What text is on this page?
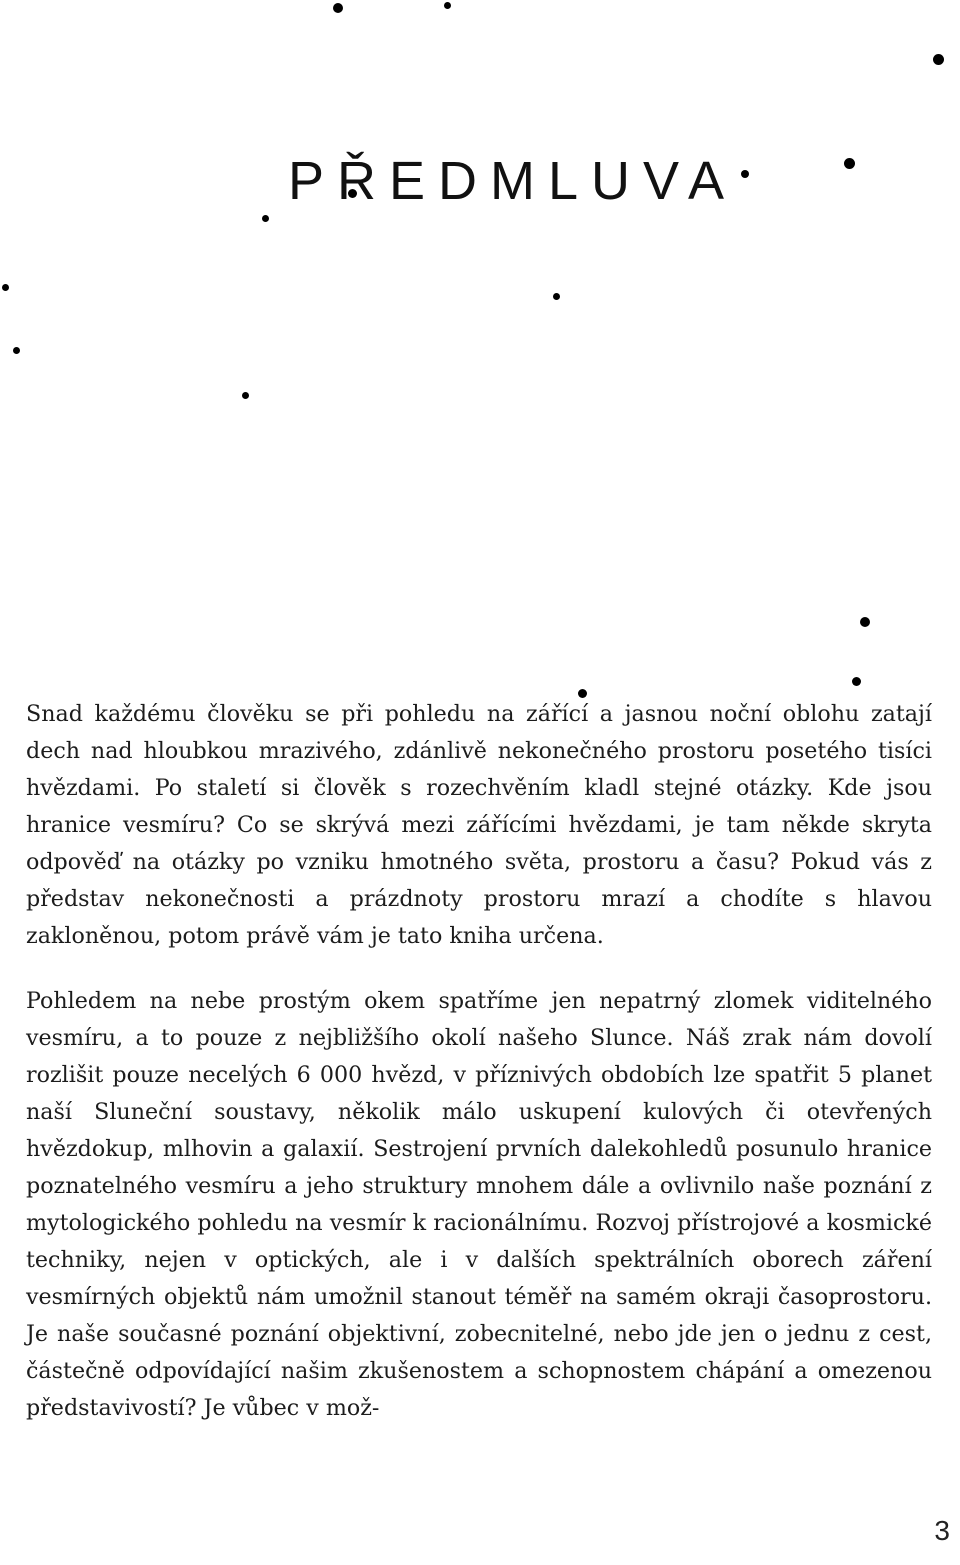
PŘEDMLUVA

Snad každému člověku se při pohledu na zářící a jasnou noční oblohu zatají dech nad hloubkou mrazivého, zdánlivě nekonečného prostoru posetého tisíci hvězdami. Po staletí si člověk s rozechvěním kladl stejné otázky. Kde jsou hranice vesmíru? Co se skrývá mezi zářícími hvězdami, je tam někde skryta odpověď na otázky po vzniku hmotného světa, prostoru a času? Pokud vás z představ nekonečnosti a prázdnoty prostoru mrazí a chodíte s hlavou zakloněnou, potom právě vám je tato kniha určena.

Pohledem na nebe prostým okem spatříme jen nepatrný zlomek viditelného vesmíru, a to pouze z nejbližšího okolí našeho Slunce. Náš zrak nám dovolí rozlišit pouze necelých 6 000 hvězd, v příznivých obdobích lze spatřit 5 planet naší Sluneční soustavy, několik málo uskupení kulových či otevřených hvězdokup, mlhovin a galaxií. Sestrojení prvních dalekohledů posunulo hranice poznatelného vesmíru a jeho struktury mnohem dále a ovlivnilo naše poznání z mytologického pohledu na vesmír k racionálnímu. Rozvoj přístrojové a kosmické techniky, nejen v optických, ale i v dalších spektrálních oborech záření vesmírných objektů nám umožnil stanout téměř na samém okraji časoprostoru. Je naše současné poznání objektivní, zobecnitelné, nebo jde jen o jednu z cest, částečně odpovídající našim zkušenostem a schopnostem chápání a omezenou představivostí? Je vůbec v mož-

3
